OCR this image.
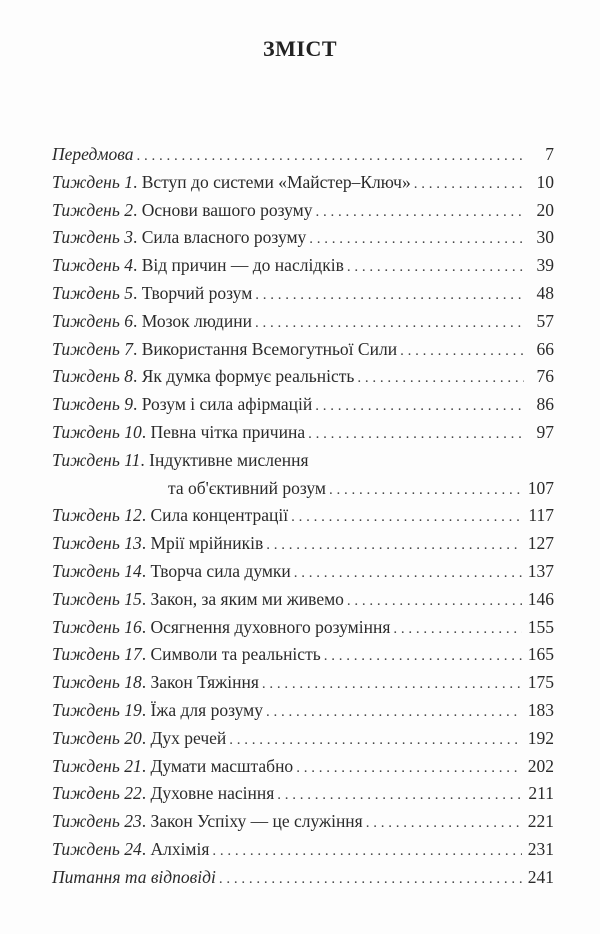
ЗМІСТ
Передмова . . .	7
Тиждень 1. Вступ до системи «Майстер–Ключ» . . .	10
Тиждень 2. Основи вашого розуму . . .	20
Тиждень 3. Сила власного розуму . . .	30
Тиждень 4. Від причин — до наслідків . . .	39
Тиждень 5. Творчий розум . . .	48
Тиждень 6. Мозок людини . . .	57
Тиждень 7. Використання Всемогутньої Сили . . .	66
Тиждень 8. Як думка формує реальність . . .	76
Тиждень 9. Розум і сила афірмацій . . .	86
Тиждень 10. Певна чітка причина . . .	97
Тиждень 11. Індуктивне мислення
та об'єктивний розум . . .	107
Тиждень 12. Сила концентрації . . .	117
Тиждень 13. Мрії мрійників . . .	127
Тиждень 14. Творча сила думки . . .	137
Тиждень 15. Закон, за яким ми живемо . . .	146
Тиждень 16. Осягнення духовного розуміння . . .	155
Тиждень 17. Символи та реальність . . .	165
Тиждень 18. Закон Тяжіння . . .	175
Тиждень 19. Їжа для розуму . . .	183
Тиждень 20. Дух речей . . .	192
Тиждень 21. Думати масштабно . . .	202
Тиждень 22. Духовне насіння . . .	211
Тиждень 23. Закон Успіху — це служіння . . .	221
Тиждень 24. Алхімія . . .	231
Питання та відповіді . . .	241
